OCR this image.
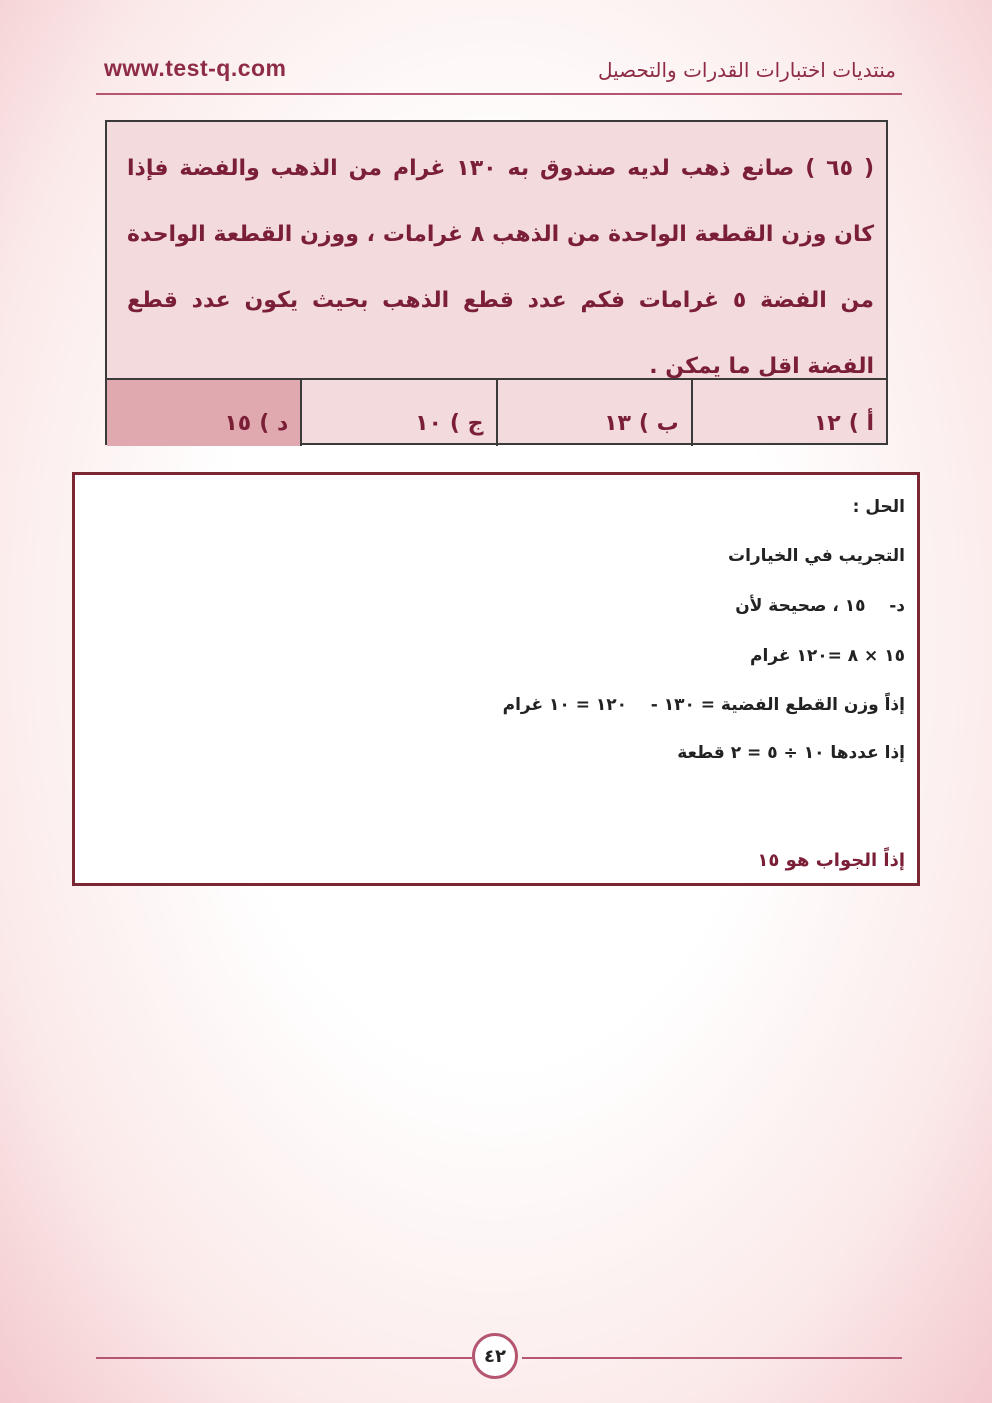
www.test-q.com	منتديات اختبارات القدرات والتحصيل
( ٦٥ ) صانع ذهب لديه صندوق به ١٣٠ غرام من الذهب والفضة فإذا كان وزن القطعة الواحدة من الذهب ٨ غرامات ، ووزن القطعة الواحدة من الفضة ٥ غرامات فكم عدد قطع الذهب بحيث يكون عدد قطع الفضة اقل ما يمكن .
أ )
١٢
ب )
١٣
ج )
١٠
د )
١٥
الحل :
التجريب في الخيارات
د-    ١٥ ، صحيحة لأن
١٥ × ٨ =١٢٠ غرام
إذاً وزن القطع الفضية = ١٣٠ -    ١٢٠ = ١٠ غرام
إذا عددها ١٠ ÷ ٥ = ٢ قطعة
إذاً الجواب هو ١٥
٤٢
